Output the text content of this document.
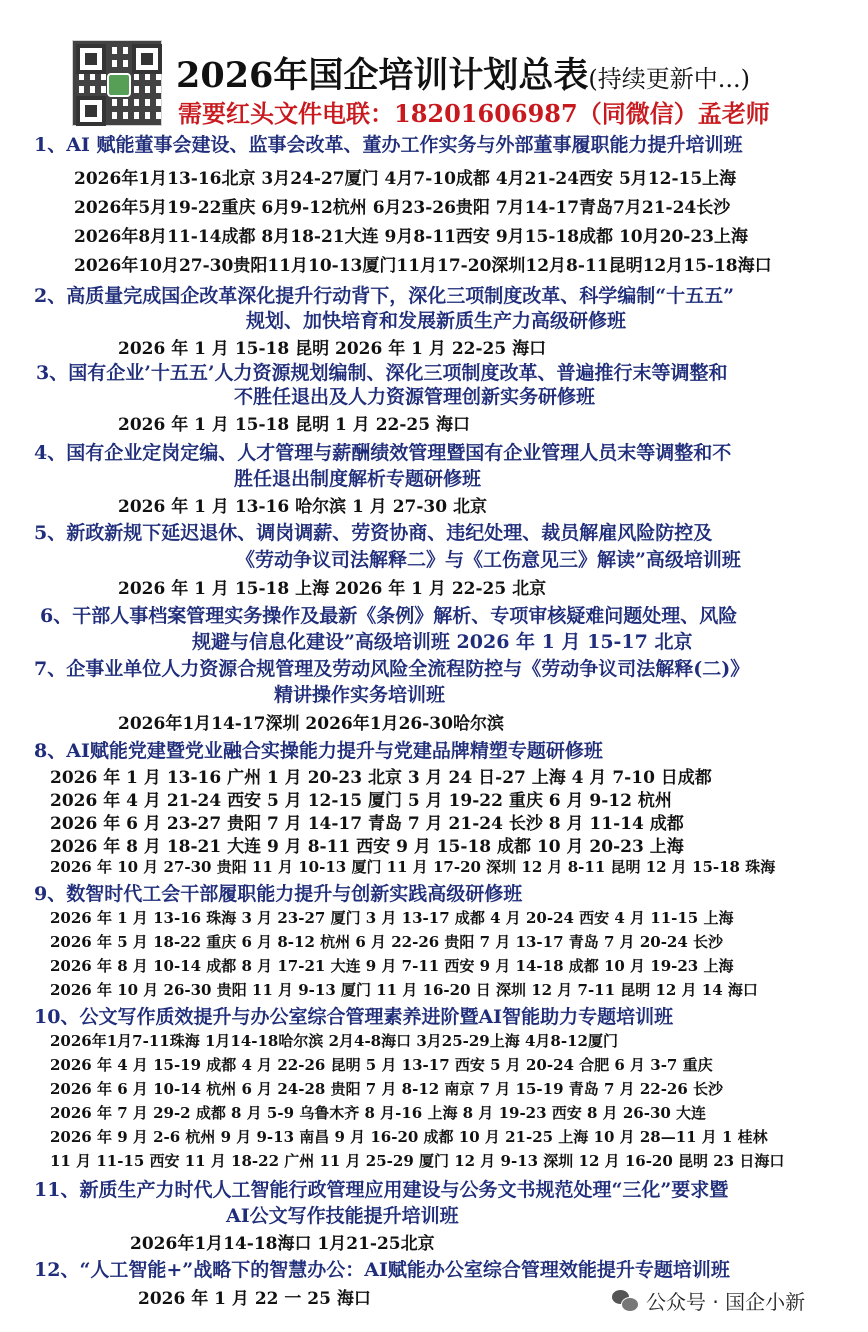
2026年国企培训计划总表(持续更新中...)
需要红头文件电联：18201606987（同微信）孟老师
1、AI 赋能董事会建设、监事会改革、董办工作实务与外部董事履职能力提升培训班
2026年1月13-16北京 3月24-27厦门 4月7-10成都 4月21-24西安 5月12-15上海
2026年5月19-22重庆 6月9-12杭州 6月23-26贵阳 7月14-17青岛7月21-24长沙
2026年8月11-14成都 8月18-21大连 9月8-11西安 9月15-18成都 10月20-23上海
2026年10月27-30贵阳11月10-13厦门11月17-20深圳12月8-11昆明12月15-18海口
2、高质量完成国企改革深化提升行动背下，深化三项制度改革、科学编制“十五五”
规划、加快培育和发展新质生产力高级研修班
2026 年 1 月 15-18 昆明 2026 年 1 月 22-25 海口
3、国有企业’十五五’人力资源规划编制、深化三项制度改革、普遍推行末等调整和
不胜任退出及人力资源管理创新实务研修班
2026 年 1 月 15-18 昆明 1 月 22-25 海口
4、国有企业定岗定编、人才管理与薪酬绩效管理暨国有企业管理人员末等调整和不
胜任退出制度解析专题研修班
2026 年 1 月 13-16 哈尔滨 1 月 27-30 北京
5、新政新规下延迟退休、调岗调薪、劳资协商、违纪处理、裁员解雇风险防控及
《劳动争议司法解释二》与《工伤意见三》解读”高级培训班
2026 年 1 月 15-18 上海 2026 年 1 月 22-25 北京
6、干部人事档案管理实务操作及最新《条例》解析、专项审核疑难问题处理、风险
规避与信息化建设”高级培训班 2026 年 1 月 15-17 北京
7、企事业单位人力资源合规管理及劳动风险全流程防控与《劳动争议司法解释(二)》
精讲操作实务培训班
2026年1月14-17深圳 2026年1月26-30哈尔滨
8、AI赋能党建暨党业融合实操能力提升与党建品牌精塑专题研修班
2026 年 1 月 13-16 广州 1 月 20-23 北京 3 月 24 日-27 上海 4 月 7-10 日成都
2026 年 4 月 21-24 西安 5 月 12-15 厦门 5 月 19-22 重庆 6 月 9-12 杭州
2026 年 6 月 23-27 贵阳 7 月 14-17 青岛 7 月 21-24 长沙 8 月 11-14 成都
2026 年 8 月 18-21 大连 9 月 8-11 西安 9 月 15-18 成都 10 月 20-23 上海
2026 年 10 月 27-30 贵阳 11 月 10-13 厦门 11 月 17-20 深圳 12 月 8-11 昆明 12 月 15-18 珠海
9、数智时代工会干部履职能力提升与创新实践高级研修班
2026 年 1 月 13-16 珠海 3 月 23-27 厦门 3 月 13-17 成都 4 月 20-24 西安 4 月 11-15 上海
2026 年 5 月 18-22 重庆 6 月 8-12 杭州 6 月 22-26 贵阳 7 月 13-17 青岛 7 月 20-24 长沙
2026 年 8 月 10-14 成都 8 月 17-21 大连 9 月 7-11 西安 9 月 14-18 成都 10 月 19-23 上海
2026 年 10 月 26-30 贵阳 11 月 9-13 厦门 11 月 16-20 日 深圳 12 月 7-11 昆明 12 月 14 海口
10、公文写作质效提升与办公室综合管理素养进阶暨AI智能助力专题培训班
2026年1月7-11珠海 1月14-18哈尔滨 2月4-8海口 3月25-29上海 4月8-12厦门
2026 年 4 月 15-19 成都 4 月 22-26 昆明 5 月 13-17 西安 5 月 20-24 合肥 6 月 3-7 重庆
2026 年 6 月 10-14 杭州 6 月 24-28 贵阳 7 月 8-12 南京 7 月 15-19 青岛 7 月 22-26 长沙
2026 年 7 月 29-2 成都 8 月 5-9 乌鲁木齐 8 月-16 上海 8 月 19-23 西安 8 月 26-30 大连
2026 年 9 月 2-6 杭州 9 月 9-13 南昌 9 月 16-20 成都 10 月 21-25 上海 10 月 28—11 月 1 桂林
11 月 11-15 西安 11 月 18-22 广州 11 月 25-29 厦门 12 月 9-13 深圳 12 月 16-20 昆明 23 日海口
11、新质生产力时代人工智能行政管理应用建设与公务文书规范处理“三化”要求暨
AI公文写作技能提升培训班
2026年1月14-18海口 1月21-25北京
12、“人工智能+”战略下的智慧办公：AI赋能办公室综合管理效能提升专题培训班
2026 年 1 月 22 一 25 海口	公众号 · 国企小新
